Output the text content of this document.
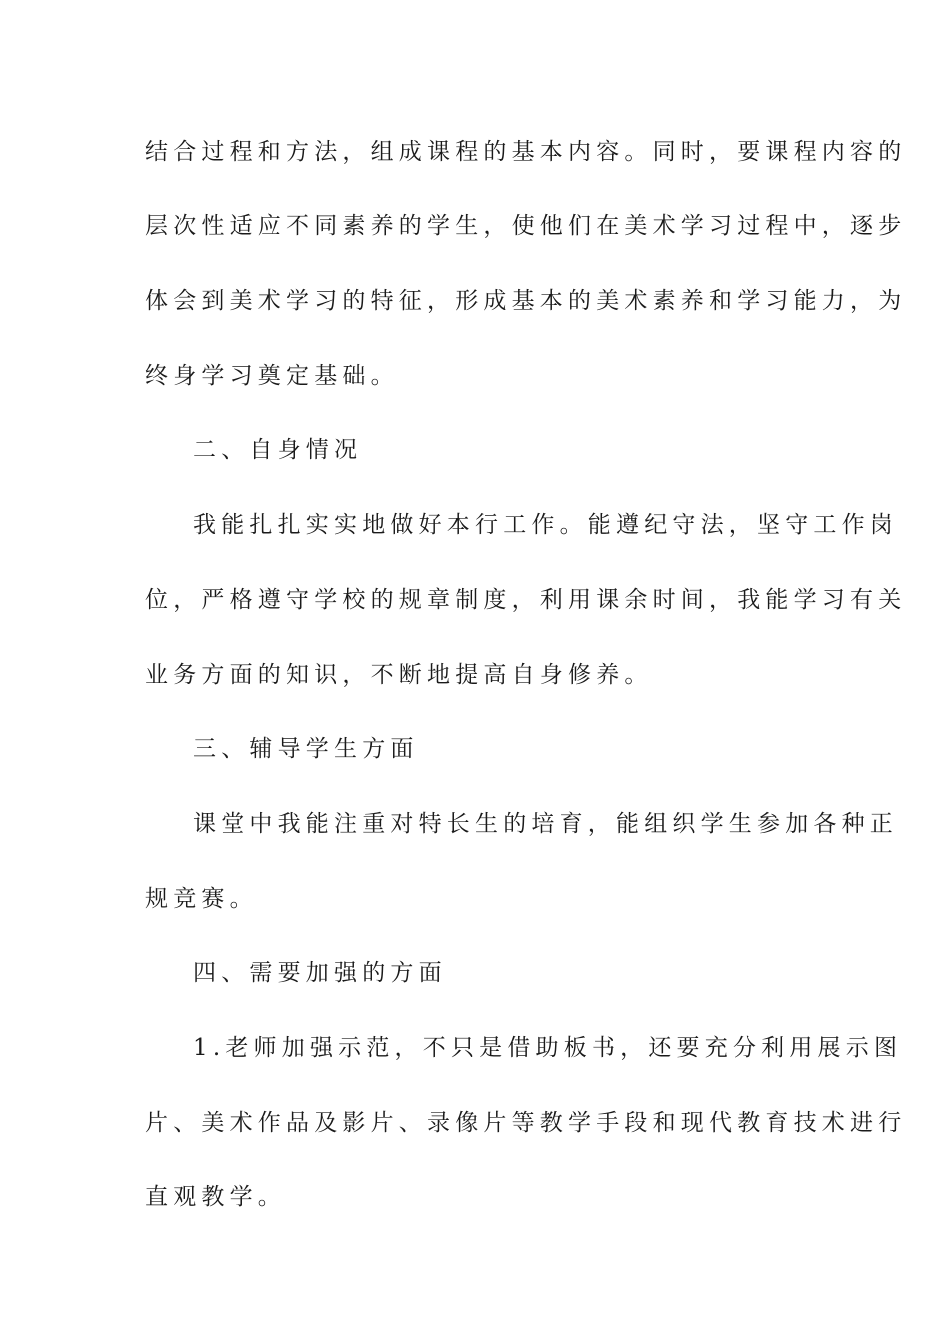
结合过程和方法，组成课程的基本内容。同时，要课程内容的
层次性适应不同素养的学生，使他们在美术学习过程中，逐步
体会到美术学习的特征，形成基本的美术素养和学习能力，为
终身学习奠定基础。
二、自身情况
我能扎扎实实地做好本行工作。能遵纪守法，坚守工作岗
位，严格遵守学校的规章制度，利用课余时间，我能学习有关
业务方面的知识，不断地提高自身修养。
三、辅导学生方面
课堂中我能注重对特长生的培育，能组织学生参加各种正
规竞赛。
四、需要加强的方面
1.老师加强示范，不只是借助板书，还要充分利用展示图
片、美术作品及影片、录像片等教学手段和现代教育技术进行
直观教学。
